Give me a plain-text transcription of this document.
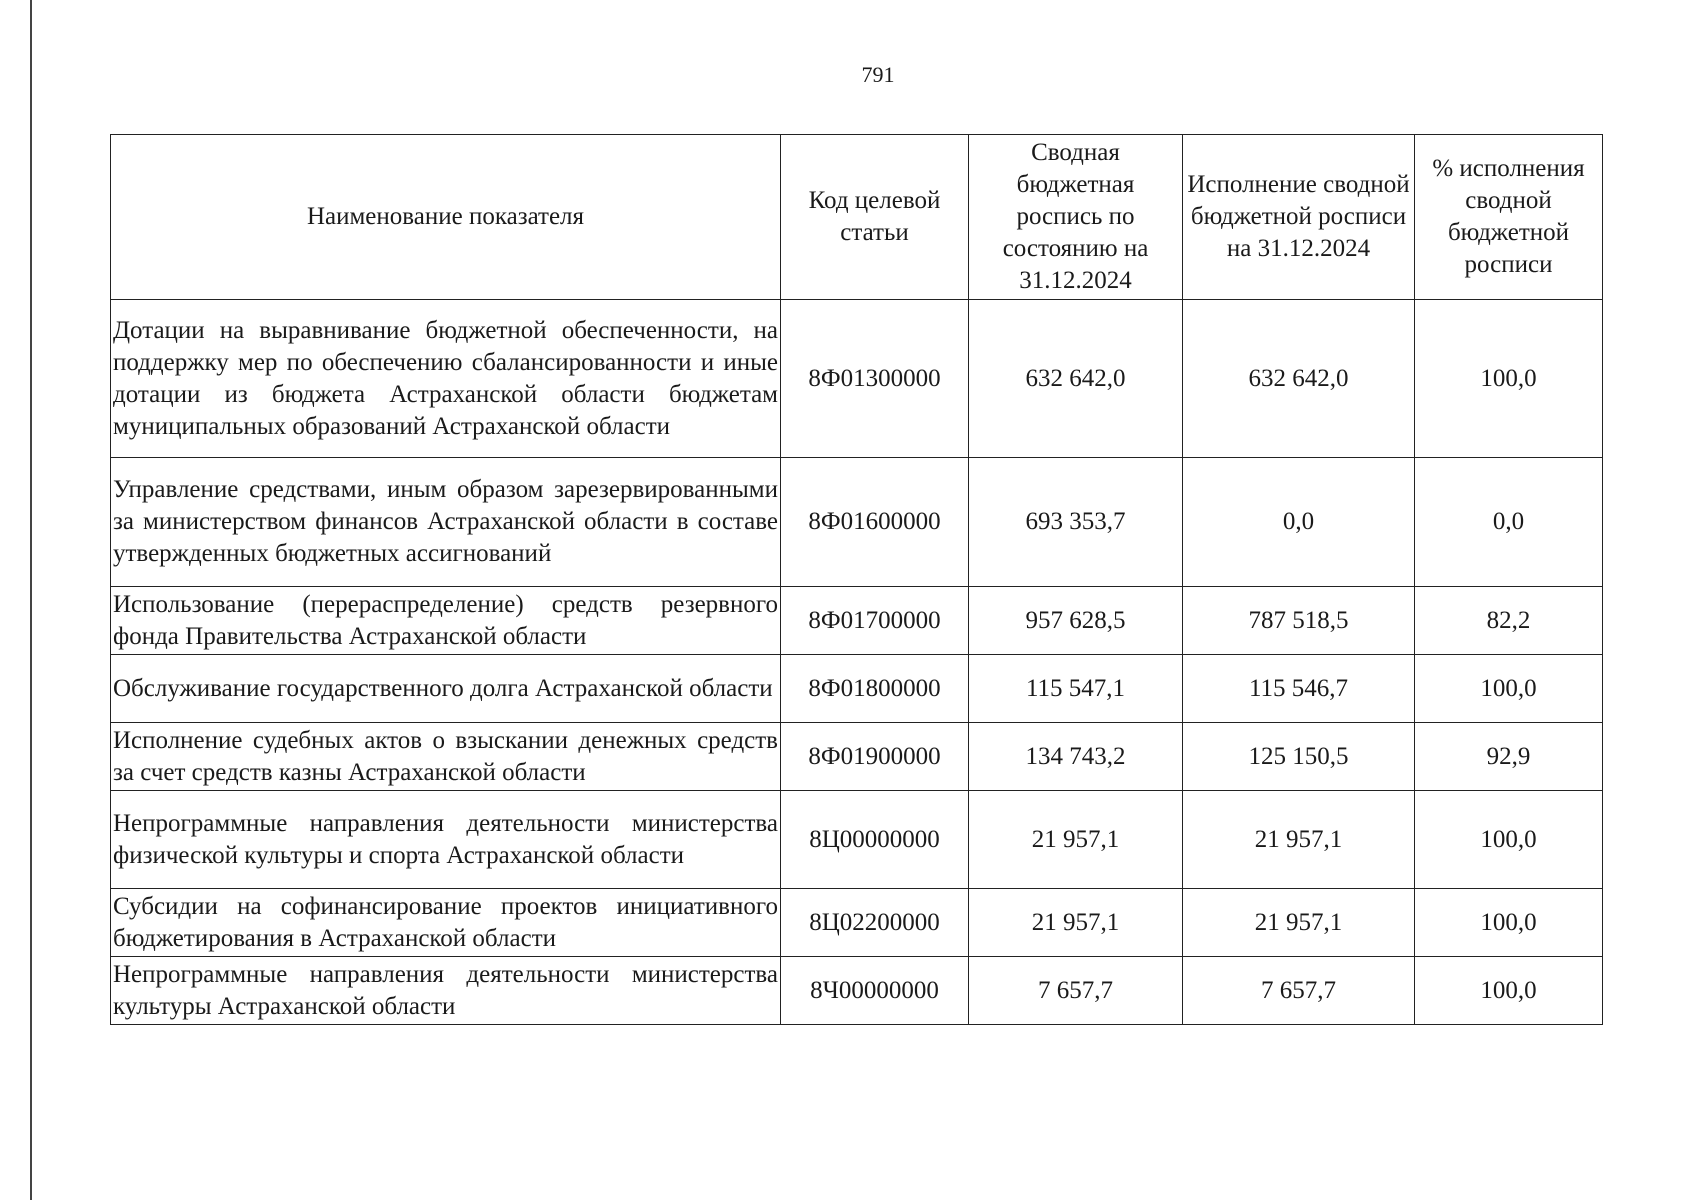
791
Наименование показателя	Код целевой статьи	Сводная бюджетная роспись по состоянию на 31.12.2024	Исполнение сводной бюджетной росписи на 31.12.2024	% исполнения сводной бюджетной росписи
Дотации на выравнивание бюджетной обеспеченности, на поддержку мер по обеспечению сбалансированности и иные дотации из бюджета Астраханской области бюджетам муниципальных образований Астраханской области	8Ф01300000	632 642,0	632 642,0	100,0
Управление средствами, иным образом зарезервированными за министерством финансов Астраханской области в составе утвержденных бюджетных ассигнований	8Ф01600000	693 353,7	0,0	0,0
Использование (перераспределение) средств резервного фонда Правительства Астраханской области	8Ф01700000	957 628,5	787 518,5	82,2
Обслуживание государственного долга Астраханской области	8Ф01800000	115 547,1	115 546,7	100,0
Исполнение судебных актов о взыскании денежных средств за счет средств казны Астраханской области	8Ф01900000	134 743,2	125 150,5	92,9
Непрограммные направления деятельности министерства физической культуры и спорта Астраханской области	8Ц00000000	21 957,1	21 957,1	100,0
Субсидии на софинансирование проектов инициативного бюджетирования в Астраханской области	8Ц02200000	21 957,1	21 957,1	100,0
Непрограммные направления деятельности министерства культуры Астраханской области	8Ч00000000	7 657,7	7 657,7	100,0
